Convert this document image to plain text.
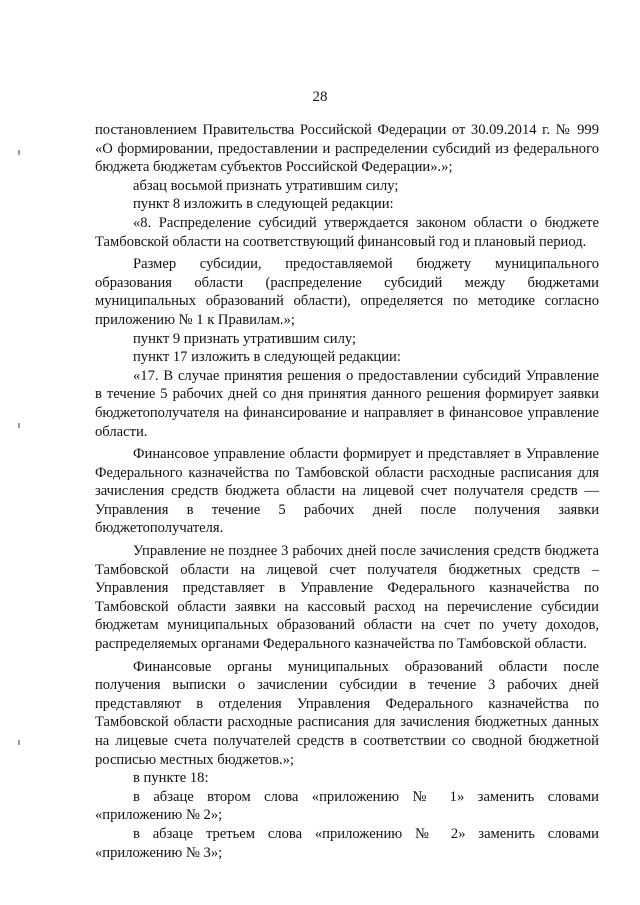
28

постановлением Правительства Российской Федерации от 30.09.2014 г. № 999 «О формировании, предоставлении и распределении субсидий из федерального бюджета бюджетам субъектов Российской Федерации».»;

абзац восьмой признать утратившим силу;

пункт 8 изложить в следующей редакции:

«8. Распределение субсидий утверждается законом области о бюджете Тамбовской области на соответствующий финансовый год и плановый период.

Размер субсидии, предоставляемой бюджету муниципального образования области (распределение субсидий между бюджетами муниципальных образований области), определяется по методике согласно приложению № 1 к Правилам.»;

пункт 9 признать утратившим силу;

пункт 17 изложить в следующей редакции:

«17. В случае принятия решения о предоставлении субсидий Управление в течение 5 рабочих дней со дня принятия данного решения формирует заявки бюджетополучателя на финансирование и направляет в финансовое управление области.

Финансовое управление области формирует и представляет в Управление Федерального казначейства по Тамбовской области расходные расписания для зачисления средств бюджета области на лицевой счет получателя средств — Управления в течение 5 рабочих дней после получения заявки бюджетополучателя.

Управление не позднее 3 рабочих дней после зачисления средств бюджета Тамбовской области на лицевой счет получателя бюджетных средств – Управления представляет в Управление Федерального казначейства по Тамбовской области заявки на кассовый расход на перечисление субсидии бюджетам муниципальных образований области на счет по учету доходов, распределяемых органами Федерального казначейства по Тамбовской области.

Финансовые органы муниципальных образований области после получения выписки о зачислении субсидии в течение 3 рабочих дней представляют в отделения Управления Федерального казначейства по Тамбовской области расходные расписания для зачисления бюджетных данных на лицевые счета получателей средств в соответствии со сводной бюджетной росписью местных бюджетов.»;

в пункте 18:

в абзаце втором слова «приложению № 1» заменить словами «приложению № 2»;

в абзаце третьем слова «приложению № 2» заменить словами «приложению № 3»;
